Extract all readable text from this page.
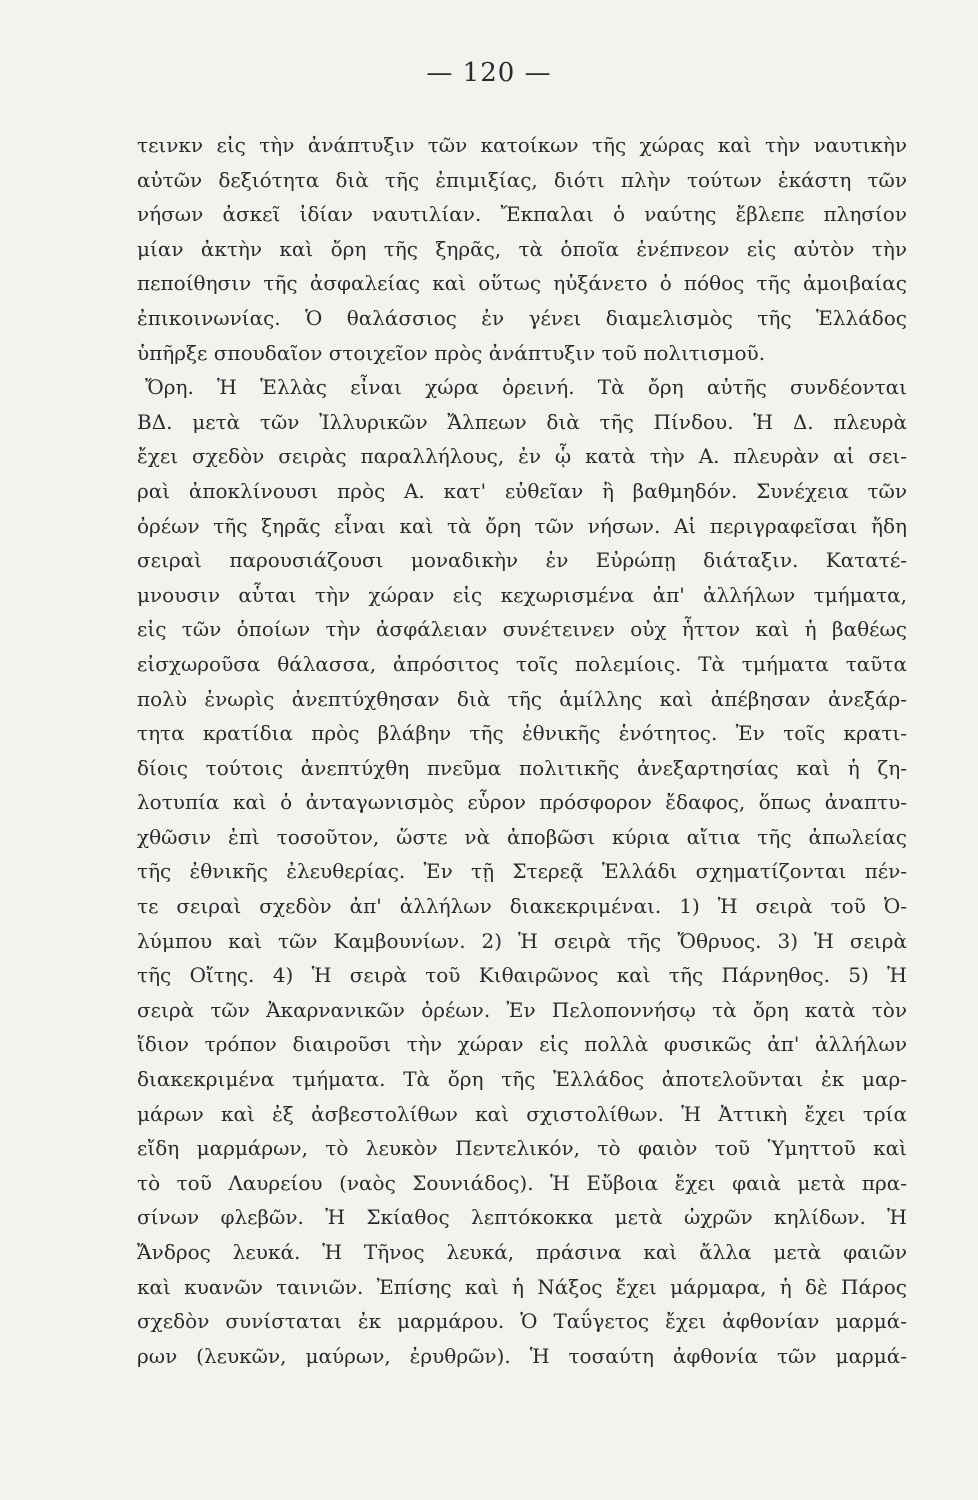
— 120 —
τεινκν εἰς τὴν ἀνάπτυξιν τῶν κατοίκων τῆς χώρας καὶ τὴν ναυτικὴν
αὐτῶν δεξιότητα διὰ τῆς ἐπιμιξίας, διότι πλὴν τούτων ἑκάστη τῶν
νήσων ἀσκεῖ ἰδίαν ναυτιλίαν. Ἔκπαλαι ὁ ναύτης ἔβλεπε πλησίον
μίαν ἀκτὴν καὶ ὄρη τῆς ξηρᾶς, τὰ ὁποῖα ἐνέπνεον εἰς αὐτὸν τὴν
πεποίθησιν τῆς ἀσφαλείας καὶ οὕτως ηὐξάνετο ὁ πόθος τῆς ἀμοιβαίας
ἐπικοινωνίας. Ὁ θαλάσσιος ἐν γένει διαμελισμὸς τῆς Ἑλλάδος
ὑπῆρξε σπουδαῖον στοιχεῖον πρὸς ἀνάπτυξιν τοῦ πολιτισμοῦ.
Ὄρη. Ἡ Ἑλλὰς εἶναι χώρα ὀρεινή. Τὰ ὄρη αὐτῆς συνδέονται
ΒΔ. μετὰ τῶν Ἰλλυρικῶν Ἄλπεων διὰ τῆς Πίνδου. Ἡ Δ. πλευρὰ
ἔχει σχεδὸν σειρὰς παραλλήλους, ἐν ᾧ κατὰ τὴν Α. πλευρὰν αἱ σει-
ραὶ ἀποκλίνουσι πρὸς Α. κατ' εὐθεῖαν ἢ βαθμηδόν. Συνέχεια τῶν
ὀρέων τῆς ξηρᾶς εἶναι καὶ τὰ ὄρη τῶν νήσων. Αἱ περιγραφεῖσαι ἤδη
σειραὶ παρουσιάζουσι μοναδικὴν ἐν Εὐρώπῃ διάταξιν. Κατατέ-
μνουσιν αὗται τὴν χώραν εἰς κεχωρισμένα ἀπ' ἀλλήλων τμήματα,
εἰς τῶν ὁποίων τὴν ἀσφάλειαν συνέτεινεν οὐχ ἧττον καὶ ἡ βαθέως
εἰσχωροῦσα θάλασσα, ἀπρόσιτος τοῖς πολεμίοις. Τὰ τμήματα ταῦτα
πολὺ ἐνωρὶς ἀνεπτύχθησαν διὰ τῆς ἁμίλλης καὶ ἀπέβησαν ἀνεξάρ-
τητα κρατίδια πρὸς βλάβην τῆς ἐθνικῆς ἑνότητος. Ἐν τοῖς κρατι-
δίοις τούτοις ἀνεπτύχθη πνεῦμα πολιτικῆς ἀνεξαρτησίας καὶ ἡ ζη-
λοτυπία καὶ ὁ ἀνταγωνισμὸς εὗρον πρόσφορον ἔδαφος, ὅπως ἀναπτυ-
χθῶσιν ἐπὶ τοσοῦτον, ὥστε νὰ ἀποβῶσι κύρια αἴτια τῆς ἀπωλείας
τῆς ἐθνικῆς ἐλευθερίας. Ἐν τῇ Στερεᾷ Ἑλλάδι σχηματίζονται πέν-
τε σειραὶ σχεδὸν ἀπ' ἀλλήλων διακεκριμέναι. 1) Ἡ σειρὰ τοῦ Ὀ-
λύμπου καὶ τῶν Καμβουνίων. 2) Ἡ σειρὰ τῆς Ὄθρυος. 3) Ἡ σειρὰ
τῆς Οἴτης. 4) Ἡ σειρὰ τοῦ Κιθαιρῶνος καὶ τῆς Πάρνηθος. 5) Ἡ
σειρὰ τῶν Ἀκαρνανικῶν ὀρέων. Ἐν Πελοποννήσῳ τὰ ὄρη κατὰ τὸν
ἴδιον τρόπον διαιροῦσι τὴν χώραν εἰς πολλὰ φυσικῶς ἀπ' ἀλλήλων
διακεκριμένα τμήματα. Τὰ ὄρη τῆς Ἑλλάδος ἀποτελοῦνται ἐκ μαρ-
μάρων καὶ ἐξ ἀσβεστολίθων καὶ σχιστολίθων. Ἡ Ἀττικὴ ἔχει τρία
εἴδη μαρμάρων, τὸ λευκὸν Πεντελικόν, τὸ φαιὸν τοῦ Ὑμηττοῦ καὶ
τὸ τοῦ Λαυρείου (ναὸς Σουνιάδος). Ἡ Εὔβοια ἔχει φαιὰ μετὰ πρα-
σίνων φλεβῶν. Ἡ Σκίαθος λεπτόκοκκα μετὰ ὠχρῶν κηλίδων. Ἡ
Ἄνδρος λευκά. Ἡ Τῆνος λευκά, πράσινα καὶ ἄλλα μετὰ φαιῶν
καὶ κυανῶν ταινιῶν. Ἐπίσης καὶ ἡ Νάξος ἔχει μάρμαρα, ἡ δὲ Πάρος
σχεδὸν συνίσταται ἐκ μαρμάρου. Ὁ Ταΰγετος ἔχει ἀφθονίαν μαρμά-
ρων (λευκῶν, μαύρων, ἐρυθρῶν). Ἡ τοσαύτη ἀφθονία τῶν μαρμά-
